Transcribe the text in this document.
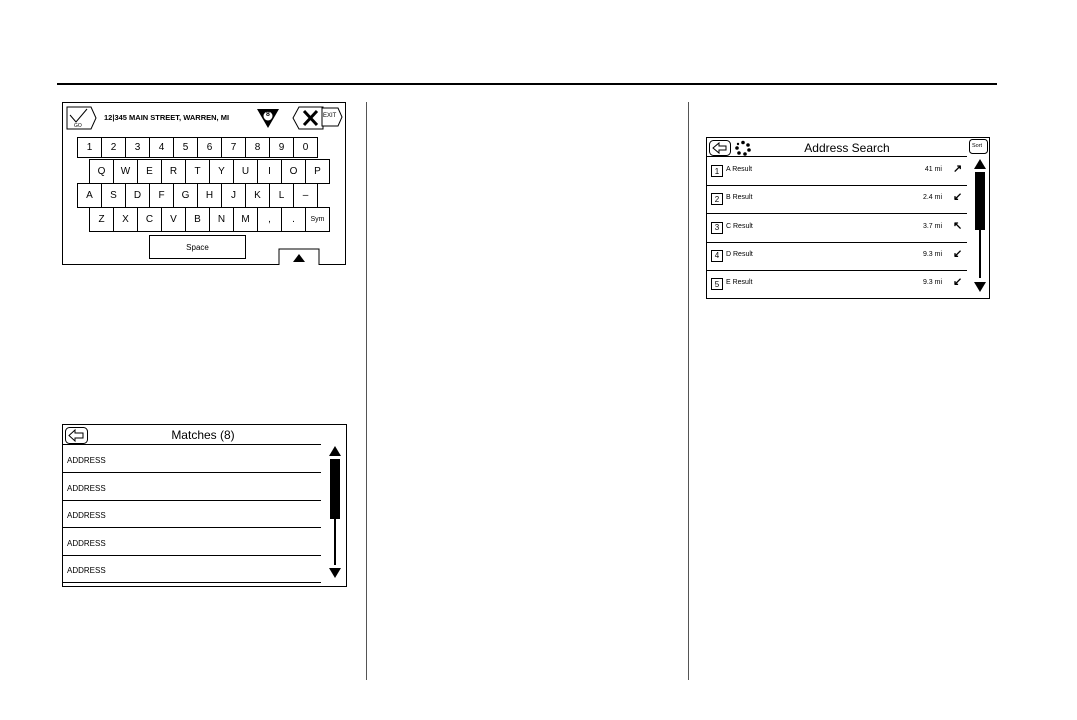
GO
12|345 MAIN STREET, WARREN, MI	8	EXIT
1	2	3	4	5	6	7	8	9	0
Q	W	E	R	T	Y	U	I	O	P
A	S	D	F	G	H	J	K	L	–
Z	X	C	V	B	N	M	,	.	Sym
Space
Matches (8)
ADDRESS
ADDRESS
ADDRESS
ADDRESS
ADDRESS
Address Search	Sort
1 A Result	41 mi ↗
2 B Result	2.4 mi ↙
3 C Result	3.7 mi ↖
4 D Result	9.3 mi ↙
5 E Result	9.3 mi ↙
